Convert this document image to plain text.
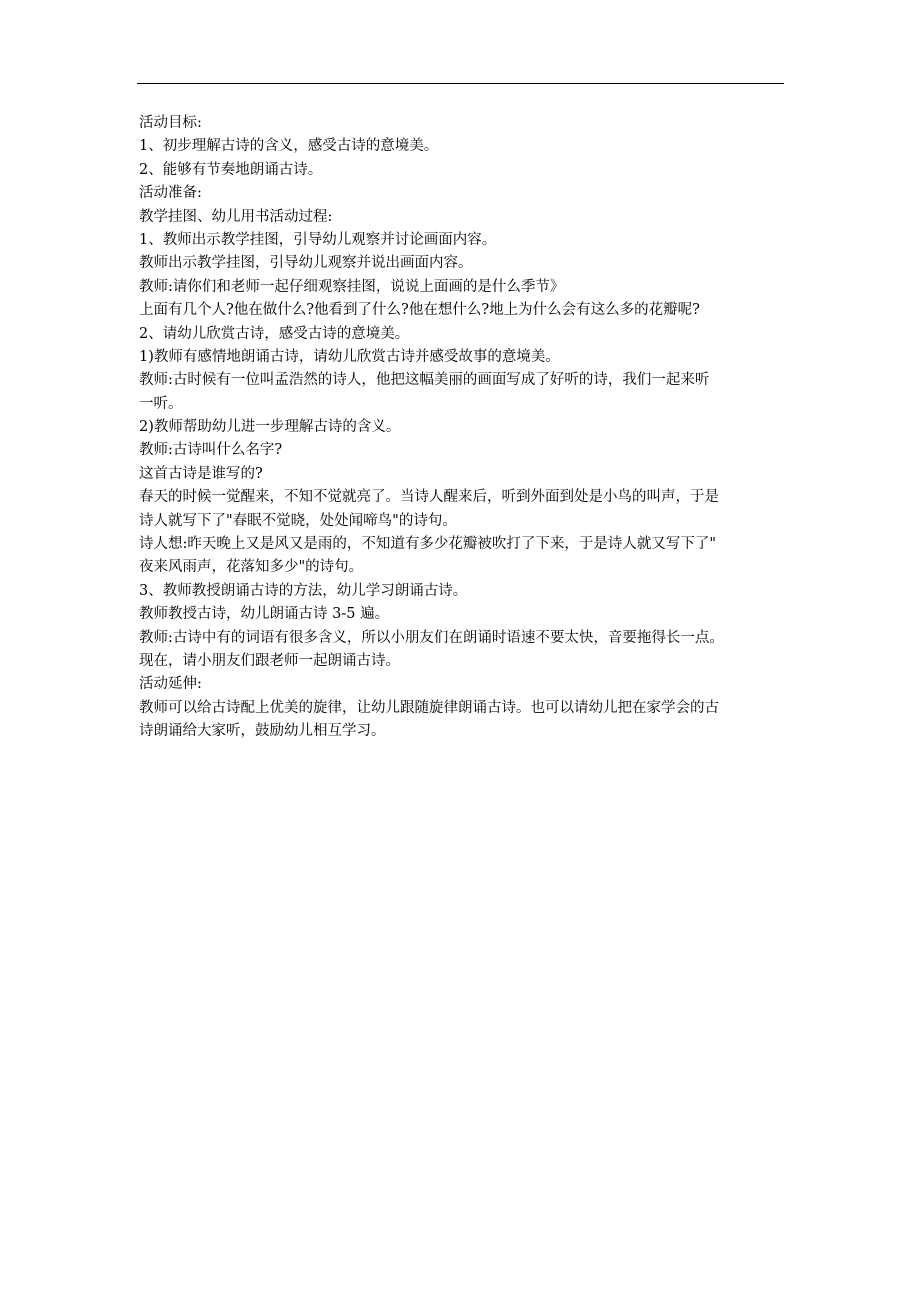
活动目标:
1、初步理解古诗的含义，感受古诗的意境美。
2、能够有节奏地朗诵古诗。
活动准备:
教学挂图、幼儿用书活动过程:
1、教师出示教学挂图，引导幼儿观察并讨论画面内容。
教师出示教学挂图，引导幼儿观察并说出画面内容。
教师:请你们和老师一起仔细观察挂图，说说上面画的是什么季节》
上面有几个人?他在做什么?他看到了什么?他在想什么?地上为什么会有这么多的花瓣呢?
2、请幼儿欣赏古诗，感受古诗的意境美。
1)教师有感情地朗诵古诗，请幼儿欣赏古诗并感受故事的意境美。
教师:古时候有一位叫孟浩然的诗人，他把这幅美丽的画面写成了好听的诗，我们一起来听
一听。
2)教师帮助幼儿进一步理解古诗的含义。
教师:古诗叫什么名字?
这首古诗是谁写的?
春天的时候一觉醒来，不知不觉就亮了。当诗人醒来后，听到外面到处是小鸟的叫声，于是
诗人就写下了"春眠不觉晓，处处闻啼鸟"的诗句。
诗人想:昨天晚上又是风又是雨的，不知道有多少花瓣被吹打了下来，于是诗人就又写下了"
夜来风雨声，花落知多少"的诗句。
3、教师教授朗诵古诗的方法，幼儿学习朗诵古诗。
教师教授古诗，幼儿朗诵古诗 3-5 遍。
教师:古诗中有的词语有很多含义，所以小朋友们在朗诵时语速不要太快，音要拖得长一点。
现在，请小朋友们跟老师一起朗诵古诗。
活动延伸:
教师可以给古诗配上优美的旋律，让幼儿跟随旋律朗诵古诗。也可以请幼儿把在家学会的古
诗朗诵给大家听，鼓励幼儿相互学习。
